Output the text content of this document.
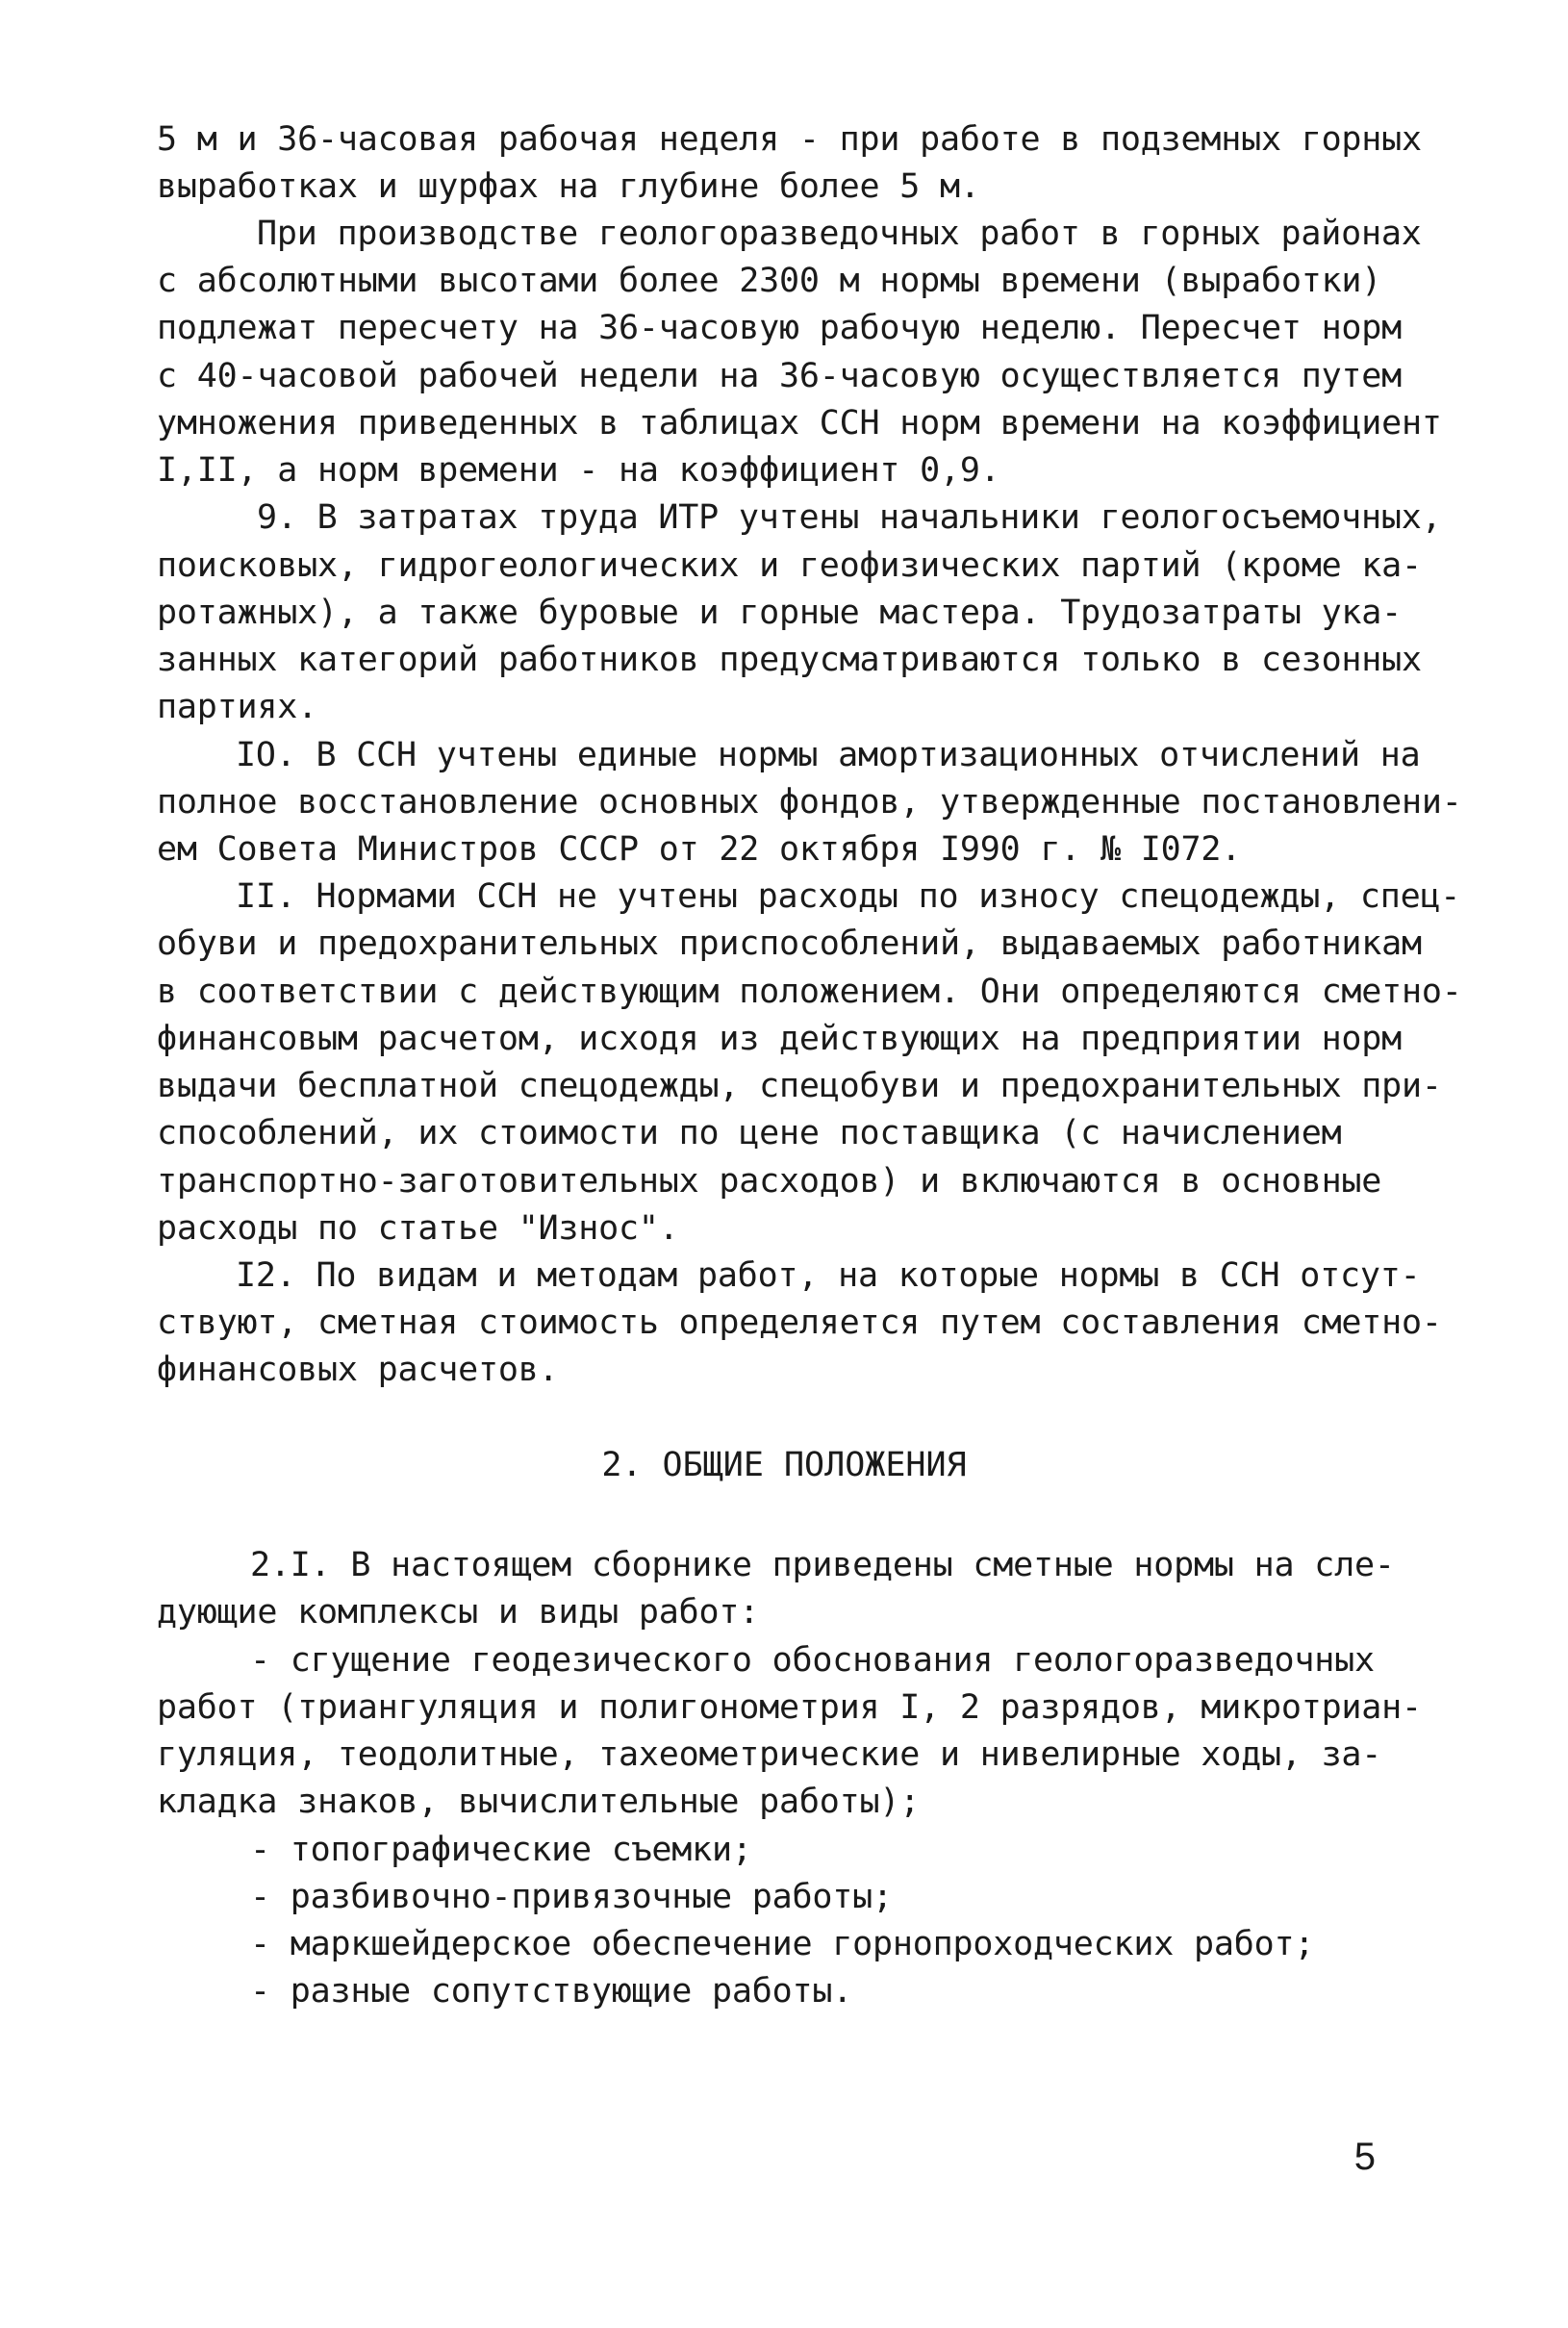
5 м и 36-часовая рабочая неделя - при работе в подземных горных
выработках и шурфах на глубине более 5 м.
При производстве геологоразведочных работ в горных районах
с абсолютными высотами более 2300 м нормы времени (выработки)
подлежат пересчету на 36-часовую рабочую неделю. Пересчет норм
с 40-часовой рабочей недели на 36-часовую осуществляется путем
умножения приведенных в таблицах ССН норм времени на коэффициент
I,II, а норм времени - на коэффициент 0,9.
9. В затратах труда ИТР учтены начальники геологосъемочных,
поисковых, гидрогеологических и геофизических партий (кроме ка-
ротажных), а также буровые и горные мастера. Трудозатраты ука-
занных категорий работников предусматриваются только в сезонных
партиях.
IO. В ССН учтены единые нормы амортизационных отчислений на
полное восстановление основных фондов, утвержденные постановлени-
ем Совета Министров СССР от 22 октября I990 г. № I072.
II. Нормами ССН не учтены расходы по износу спецодежды, спец-
обуви и предохранительных приспособлений, выдаваемых работникам
в соответствии с действующим положением. Они определяются сметно-
финансовым расчетом, исходя из действующих на предприятии норм
выдачи бесплатной спецодежды, спецобуви и предохранительных при-
способлений, их стоимости по цене поставщика (с начислением
транспортно-заготовительных расходов) и включаются в основные
расходы по статье "Износ".
I2. По видам и методам работ, на которые нормы в ССН отсут-
ствуют, сметная стоимость определяется путем составления сметно-
финансовых расчетов.
2. ОБЩИЕ ПОЛОЖЕНИЯ
2.I. В настоящем сборнике приведены сметные нормы на сле-
дующие комплексы и виды работ:
- сгущение геодезического обоснования геологоразведочных
работ (триангуляция и полигонометрия I, 2 разрядов, микротриан-
гуляция, теодолитные, тахеометрические и нивелирные ходы, за-
кладка знаков, вычислительные работы);
- топографические съемки;
- разбивочно-привязочные работы;
- маркшейдерское обеспечение горнопроходческих работ;
- разные сопутствующие работы.
5
